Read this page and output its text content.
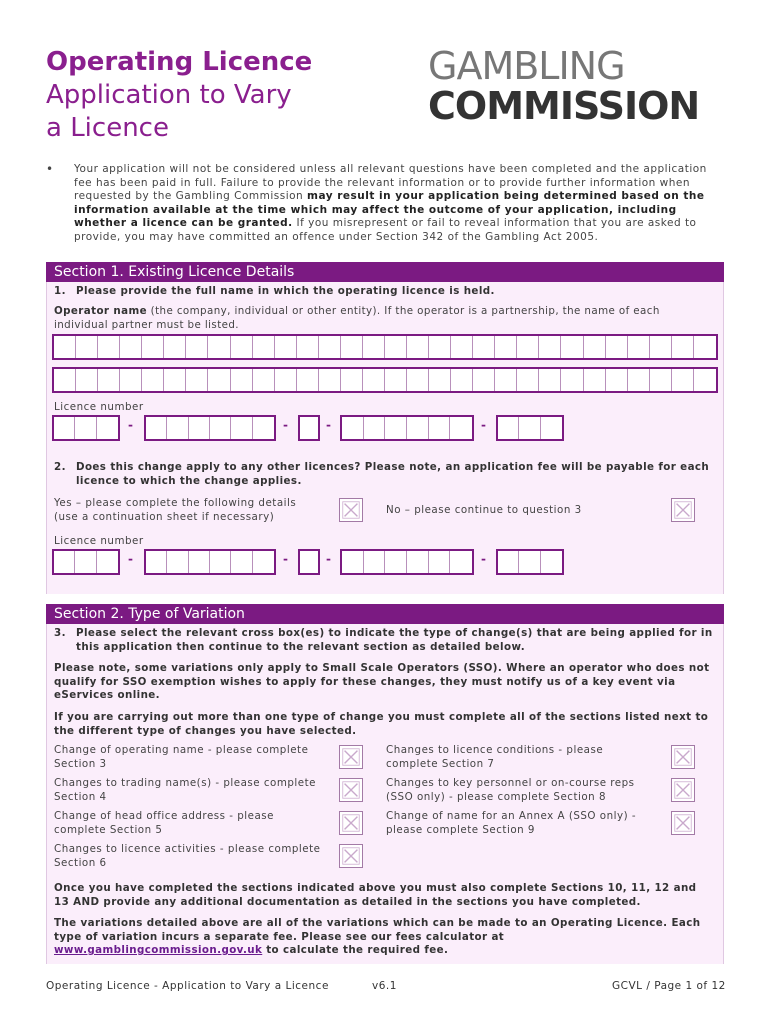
Operating Licence
Application to Vary
a Licence
GAMBLING
COMMISSION
• Your application will not be considered unless all relevant questions have been completed and the application fee has been paid in full. Failure to provide the relevant information or to provide further information when requested by the Gambling Commission may result in your application being determined based on the information available at the time which may affect the outcome of your application, including whether a licence can be granted. If you misrepresent or fail to reveal information that you are asked to provide, you may have committed an offence under Section 342 of the Gambling Act 2005.
Section 1. Existing Licence Details
1. Please provide the full name in which the operating licence is held.
Operator name (the company, individual or other entity). If the operator is a partnership, the name of each individual partner must be listed.
Licence number
-	-	-	-
2. Does this change apply to any other licences? Please note, an application fee will be payable for each licence to which the change applies.
Yes – please complete the following details
(use a continuation sheet if necessary)
No – please continue to question 3
Licence number
-	-	-	-
Section 2. Type of Variation
3. Please select the relevant cross box(es) to indicate the type of change(s) that are being applied for in this application then continue to the relevant section as detailed below.
Please note, some variations only apply to Small Scale Operators (SSO). Where an operator who does not qualify for SSO exemption wishes to apply for these changes, they must notify us of a key event via eServices online.
If you are carrying out more than one type of change you must complete all of the sections listed next to the different type of changes you have selected.
Change of operating name - please complete
Section 3
Changes to trading name(s) - please complete
Section 4
Change of head office address - please
complete Section 5
Changes to licence activities - please complete
Section 6
Changes to licence conditions - please
complete Section 7
Changes to key personnel or on-course reps
(SSO only) - please complete Section 8
Change of name for an Annex A (SSO only) -
please complete Section 9
Once you have completed the sections indicated above you must also complete Sections 10, 11, 12 and 13 AND provide any additional documentation as detailed in the sections you have completed.
The variations detailed above are all of the variations which can be made to an Operating Licence. Each type of variation incurs a separate fee. Please see our fees calculator at www.gamblingcommission.gov.uk to calculate the required fee.
Operating Licence - Application to Vary a Licence	v6.1	GCVL / Page 1 of 12
